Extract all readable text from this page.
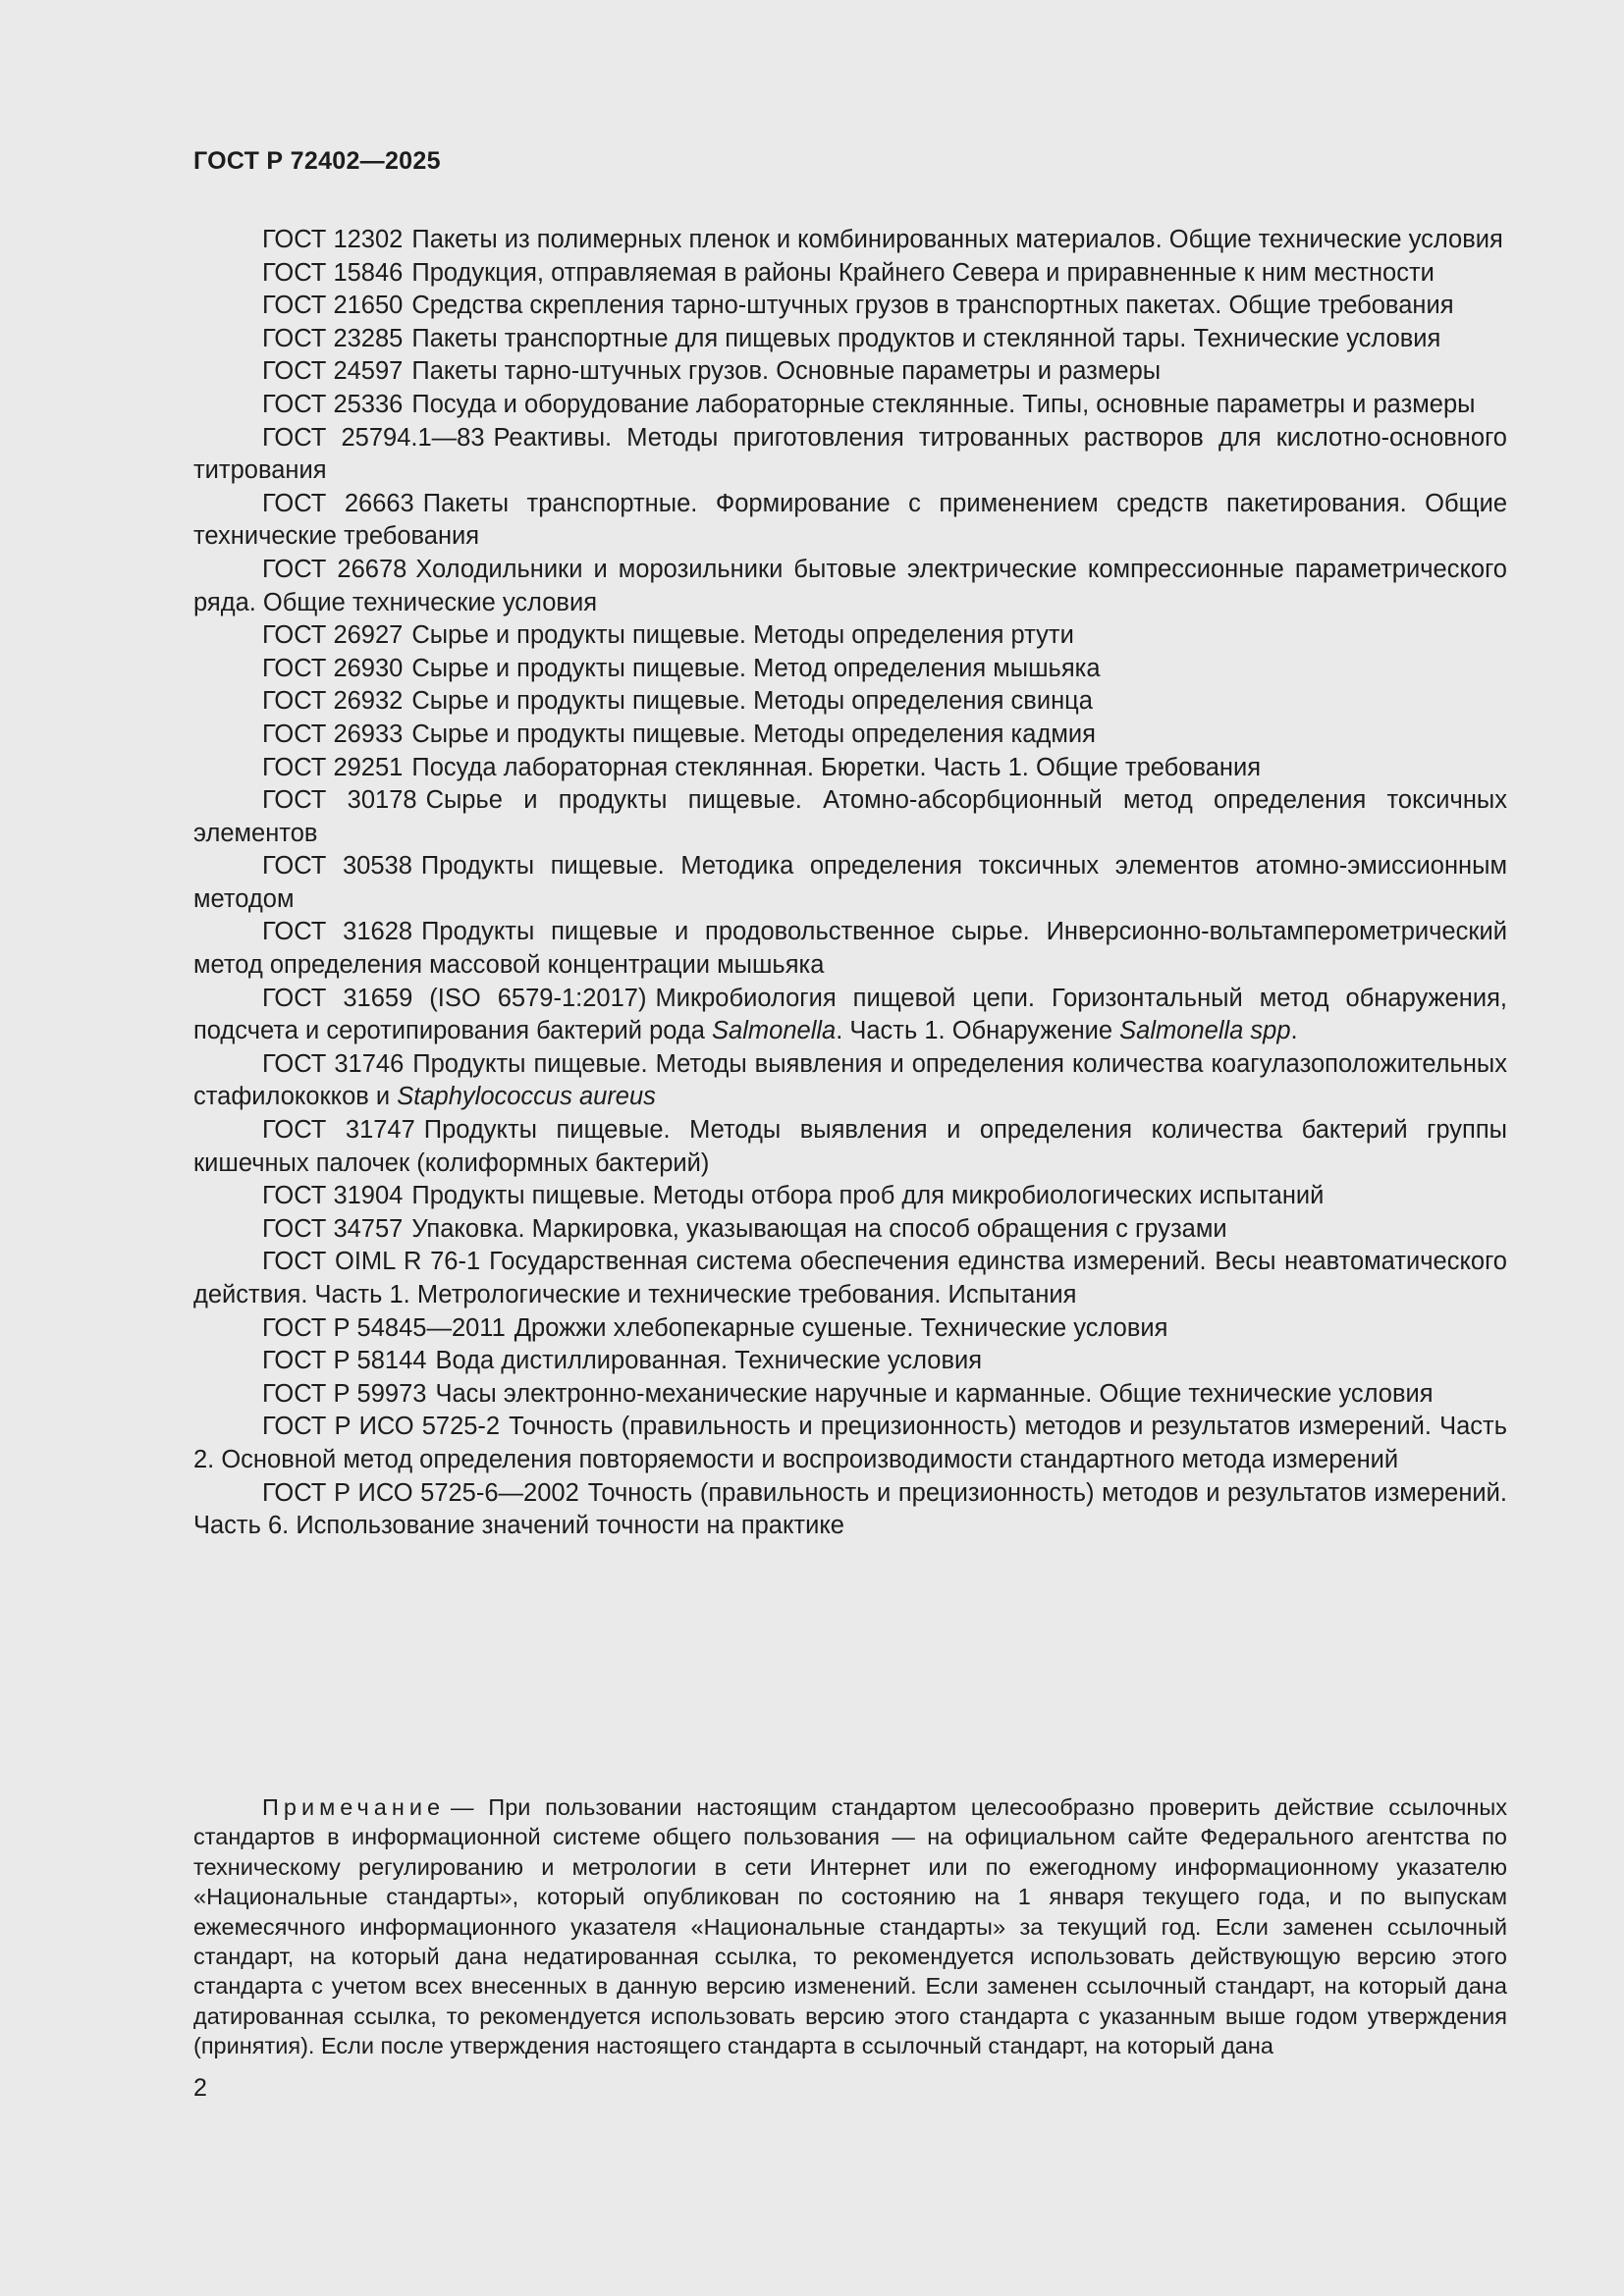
ГОСТ Р 72402—2025

ГОСТ 12302 Пакеты из полимерных пленок и комбинированных материалов. Общие технические условия

ГОСТ 15846 Продукция, отправляемая в районы Крайнего Севера и приравненные к ним местности

ГОСТ 21650 Средства скрепления тарно-штучных грузов в транспортных пакетах. Общие требования

ГОСТ 23285 Пакеты транспортные для пищевых продуктов и стеклянной тары. Технические условия

ГОСТ 24597 Пакеты тарно-штучных грузов. Основные параметры и размеры

ГОСТ 25336 Посуда и оборудование лабораторные стеклянные. Типы, основные параметры и размеры

ГОСТ 25794.1—83 Реактивы. Методы приготовления титрованных растворов для кислотно-основного титрования

ГОСТ 26663 Пакеты транспортные. Формирование с применением средств пакетирования. Общие технические требования

ГОСТ 26678 Холодильники и морозильники бытовые электрические компрессионные параметрического ряда. Общие технические условия

ГОСТ 26927 Сырье и продукты пищевые. Методы определения ртути

ГОСТ 26930 Сырье и продукты пищевые. Метод определения мышьяка

ГОСТ 26932 Сырье и продукты пищевые. Методы определения свинца

ГОСТ 26933 Сырье и продукты пищевые. Методы определения кадмия

ГОСТ 29251 Посуда лабораторная стеклянная. Бюретки. Часть 1. Общие требования

ГОСТ 30178 Сырье и продукты пищевые. Атомно-абсорбционный метод определения токсичных элементов

ГОСТ 30538 Продукты пищевые. Методика определения токсичных элементов атомно-эмиссионным методом

ГОСТ 31628 Продукты пищевые и продовольственное сырье. Инверсионно-вольтамперометрический метод определения массовой концентрации мышьяка

ГОСТ 31659 (ISO 6579-1:2017) Микробиология пищевой цепи. Горизонтальный метод обнаружения, подсчета и серотипирования бактерий рода Salmonella. Часть 1. Обнаружение Salmonella spp.

ГОСТ 31746 Продукты пищевые. Методы выявления и определения количества коагулазоположительных стафилококков и Staphylococcus aureus

ГОСТ 31747 Продукты пищевые. Методы выявления и определения количества бактерий группы кишечных палочек (колиформных бактерий)

ГОСТ 31904 Продукты пищевые. Методы отбора проб для микробиологических испытаний

ГОСТ 34757 Упаковка. Маркировка, указывающая на способ обращения с грузами

ГОСТ OIML R 76-1 Государственная система обеспечения единства измерений. Весы неавтоматического действия. Часть 1. Метрологические и технические требования. Испытания

ГОСТ Р 54845—2011 Дрожжи хлебопекарные сушеные. Технические условия

ГОСТ Р 58144 Вода дистиллированная. Технические условия

ГОСТ Р 59973 Часы электронно-механические наручные и карманные. Общие технические условия

ГОСТ Р ИСО 5725-2 Точность (правильность и прецизионность) методов и результатов измерений. Часть 2. Основной метод определения повторяемости и воспроизводимости стандартного метода измерений

ГОСТ Р ИСО 5725-6—2002 Точность (правильность и прецизионность) методов и результатов измерений. Часть 6. Использование значений точности на практике

Примечание — При пользовании настоящим стандартом целесообразно проверить действие ссылочных стандартов в информационной системе общего пользования — на официальном сайте Федерального агентства по техническому регулированию и метрологии в сети Интернет или по ежегодному информационному указателю «Национальные стандарты», который опубликован по состоянию на 1 января текущего года, и по выпускам ежемесячного информационного указателя «Национальные стандарты» за текущий год. Если заменен ссылочный стандарт, на который дана недатированная ссылка, то рекомендуется использовать действующую версию этого стандарта с учетом всех внесенных в данную версию изменений. Если заменен ссылочный стандарт, на который дана датированная ссылка, то рекомендуется использовать версию этого стандарта с указанным выше годом утверждения (принятия). Если после утверждения настоящего стандарта в ссылочный стандарт, на который дана

2
